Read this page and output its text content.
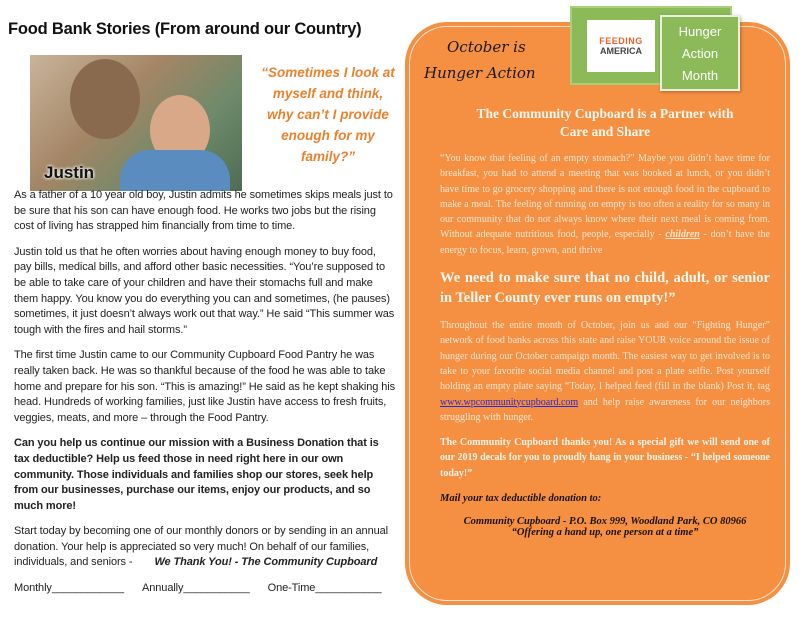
Food Bank Stories (From around our Country)
Justin
“Sometimes I look at myself and think, why can’t I provide enough for my family?”

As a father of a 10 year old boy, Justin admits he sometimes skips meals just to be sure that his son can have enough food. He works two jobs but the rising cost of living has strapped him financially from time to time.

Justin told us that he often worries about having enough money to buy food, pay bills, medical bills, and afford other basic necessities. “You’re supposed to be able to take care of your children and have their stomachs full and make them happy. You know you do everything you can and sometimes, (he pauses) sometimes, it just doesn’t always work out that way.” He said “This summer was tough with the fires and hail storms.”

The first time Justin came to our Community Cupboard Food Pantry he was really taken back. He was so thankful because of the food he was able to take home and prepare for his son. “This is amazing!” He said as he kept shaking his head. Hundreds of working families, just like Justin have access to fresh fruits, veggies, meats, and more – through the Food Pantry.

Can you help us continue our mission with a Business Donation that is tax deductible? Help us feed those in need right here in our own community. Those individuals and families shop our stores, seek help from our businesses, purchase our items, enjoy our products, and so much more!

Start today by becoming one of our monthly donors or by sending in an annual donation. Your help is appreciated so very much! On behalf of our families, individuals, and seniors - We Thank You! - The Community Cupboard

Monthly____________ Annually___________ One-Time___________
October is
Hunger Action
FEEDING
AMERICA
Hunger
Action
Month
The Community Cupboard is a Partner with Care and Share
“You know that feeling of an empty stomach?” Maybe you didn’t have time for breakfast, you had to attend a meeting that was booked at lunch, or you didn’t have time to go grocery shopping and there is not enough food in the cupboard to make a meal. The feeling of running on empty is too often a reality for so many in our community that do not always know where their next meal is coming from. Without adequate nutritious food, people, especially - children - don’t have the energy to focus, learn, grown, and thrive
We need to make sure that no child, adult, or senior in Teller County ever runs on empty!”
Throughout the entire month of October, join us and our “Fighting Hunger” network of food banks across this state and raise YOUR voice around the issue of hunger during our October campaign month. The easiest way to get involved is to take to your favorite social media channel and post a plate selfie. Post yourself holding an empty plate saying “Today, I helped feed (fill in the blank) Post it, tag www.wpcommunitycupboard.com and help raise awareness for our neighbors struggling with hunger.
The Community Cupboard thanks you! As a special gift we will send one of our 2019 decals for you to proudly hang in your business - “I helped someone today!”
Mail your tax deductible donation to:
Community Cupboard - P.O. Box 999, Woodland Park, CO 80966
“Offering a hand up, one person at a time”
